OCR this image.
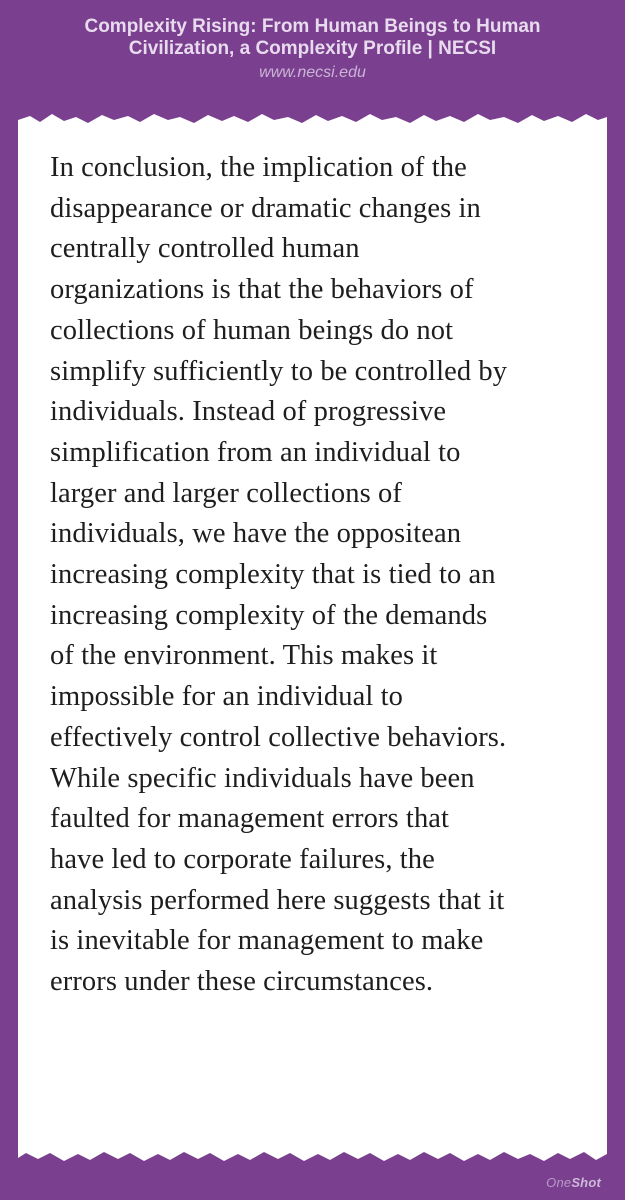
Complexity Rising: From Human Beings to Human Civilization, a Complexity Profile | NECSI
www.necsi.edu
In conclusion, the implication of the
disappearance or dramatic changes in
centrally controlled human
organizations is that the behaviors of
collections of human beings do not
simplify sufficiently to be controlled by
individuals. Instead of progressive
simplification from an individual to
larger and larger collections of
individuals, we have the oppositean
increasing complexity that is tied to an
increasing complexity of the demands
of the environment. This makes it
impossible for an individual to
effectively control collective behaviors.
While specific individuals have been
faulted for management errors that
have led to corporate failures, the
analysis performed here suggests that it
is inevitable for management to make
errors under these circumstances.
OneShot
